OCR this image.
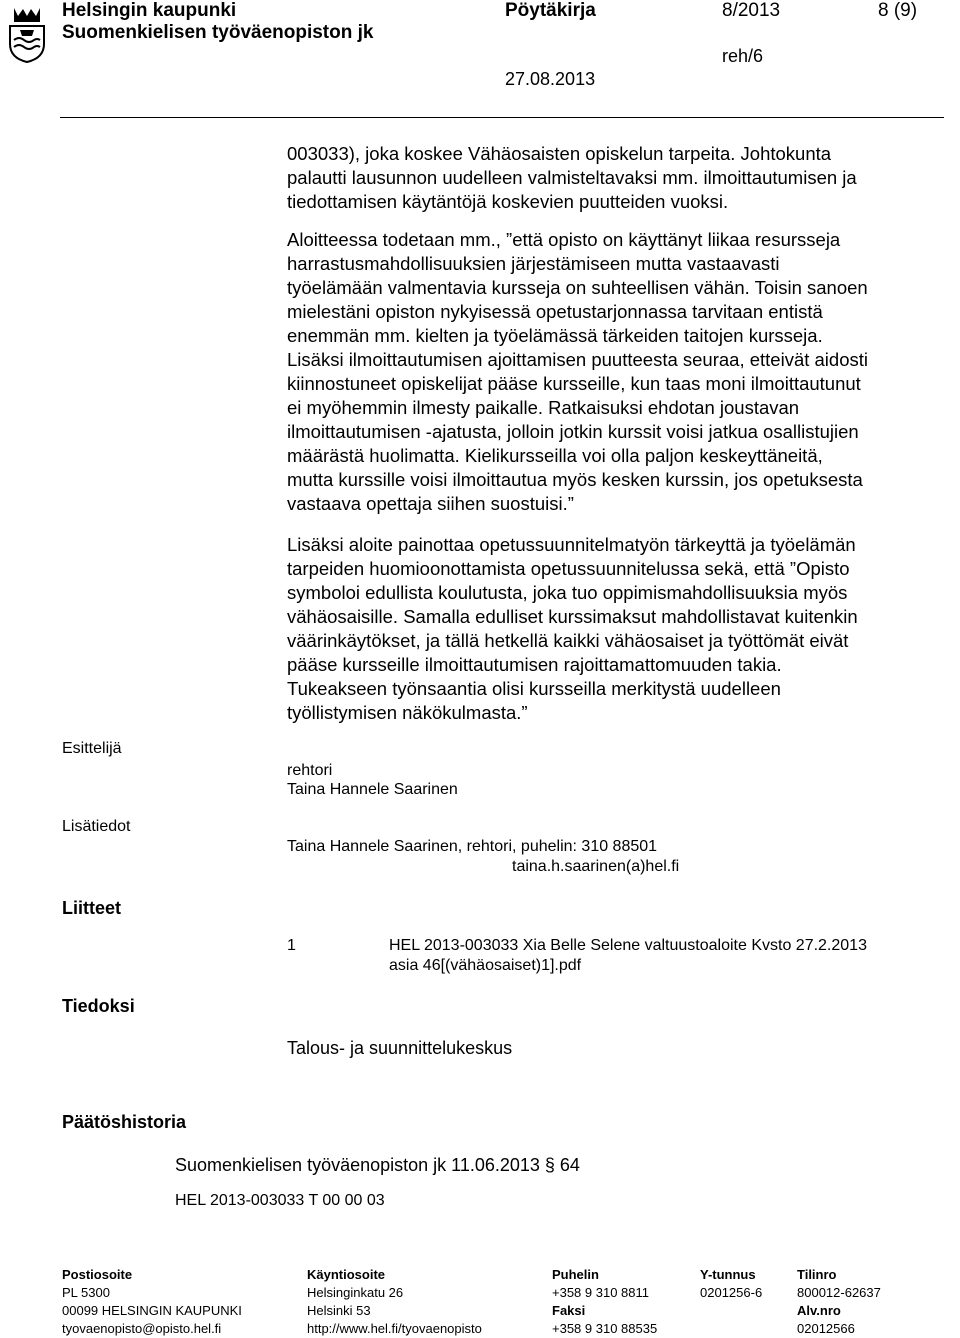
Helsingin kaupunki
Suomenkielisen työväenopiston jk
Pöytäkirja	8/2013	8 (9)
reh/6
27.08.2013
003033), joka koskee Vähäosaisten opiskelun tarpeita. Johtokunta
palautti lausunnon uudelleen valmisteltavaksi mm. ilmoittautumisen ja
tiedottamisen käytäntöjä koskevien puutteiden vuoksi.
Aloitteessa todetaan mm., ”että opisto on käyttänyt liikaa resursseja
harrastusmahdollisuuksien järjestämiseen mutta vastaavasti
työelämään valmentavia kursseja on suhteellisen vähän. Toisin sanoen
mielestäni opiston nykyisessä opetustarjonnassa tarvitaan entistä
enemmän mm. kielten ja työelämässä tärkeiden taitojen kursseja.
Lisäksi ilmoittautumisen ajoittamisen puutteesta seuraa, etteivät aidosti
kiinnostuneet opiskelijat pääse kursseille, kun taas moni ilmoittautunut
ei myöhemmin ilmesty paikalle. Ratkaisuksi ehdotan joustavan
ilmoittautumisen -ajatusta, jolloin jotkin kurssit voisi jatkua osallistujien
määrästä huolimatta. Kielikursseilla voi olla paljon keskeyttäneitä,
mutta kurssille voisi ilmoittautua myös kesken kurssin, jos opetuksesta
vastaava opettaja siihen suostuisi.”
Lisäksi aloite painottaa opetussuunnitelmatyön tärkeyttä ja työelämän
tarpeiden huomioonottamista opetussuunnitelussa sekä, että ”Opisto
symboloi edullista koulutusta, joka tuo oppimismahdollisuuksia myös
vähäosaisille. Samalla edulliset kurssimaksut mahdollistavat kuitenkin
väärinkäytökset, ja tällä hetkellä kaikki vähäosaiset ja työttömät eivät
pääse kursseille ilmoittautumisen rajoittamattomuuden takia.
Tukeakseen työnsaantia olisi kursseilla merkitystä uudelleen
työllistymisen näkökulmasta.”
Esittelijä
rehtori
Taina Hannele Saarinen
Lisätiedot
Taina Hannele Saarinen, rehtori, puhelin: 310 88501
taina.h.saarinen(a)hel.fi
Liitteet
1	HEL 2013-003033 Xia Belle Selene valtuustoaloite Kvsto 27.2.2013
asia 46[(vähäosaiset)1].pdf
Tiedoksi
Talous- ja suunnittelukeskus
Päätöshistoria
Suomenkielisen työväenopiston jk 11.06.2013 § 64
HEL 2013-003033 T 00 00 03
Postiosoite
PL 5300
00099 HELSINGIN KAUPUNKI
tyovaenopisto@opisto.hel.fi
Käyntiosoite
Helsinginkatu 26
Helsinki 53
http://www.hel.fi/tyovaenopisto
Puhelin
+358 9 310 8811
Faksi
+358 9 310 88535
Y-tunnus
0201256-6
Tilinro
800012-62637
Alv.nro
02012566
